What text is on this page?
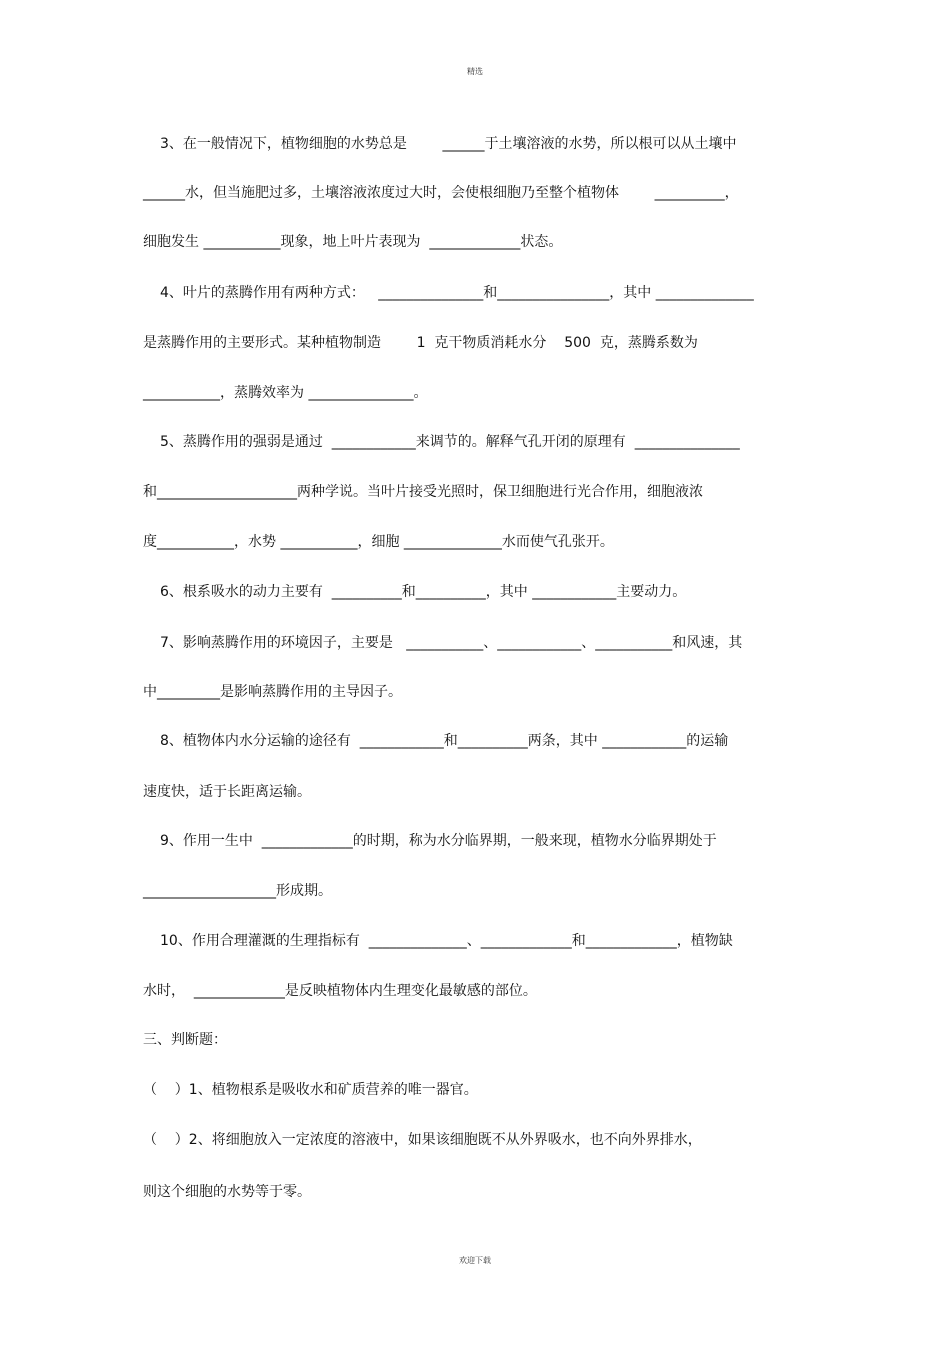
精选
3、在一般情况下，植物细胞的水势总是        ______于土壤溶液的水势，所以根可以从土壤中
______水，但当施肥过多，土壤溶液浓度过大时，会使根细胞乃至整个植物体        __________，
细胞发生 ___________现象，地上叶片表现为  _____________状态。
4、叶片的蒸腾作用有两种方式：   _______________和________________，其中 ______________
是蒸腾作用的主要形式。某种植物制造        1  克干物质消耗水分    500  克，蒸腾系数为
___________，蒸腾效率为 _______________。
5、蒸腾作用的强弱是通过  ____________来调节的。解释气孔开闭的原理有  _______________
和____________________两种学说。当叶片接受光照时，保卫细胞进行光合作用，细胞液浓
度___________，水势 ___________，细胞 ______________水而使气孔张开。
6、根系吸水的动力主要有  __________和__________，其中 ____________主要动力。
7、影响蒸腾作用的环境因子，主要是   ___________、____________、___________和风速，其
中_________是影响蒸腾作用的主导因子。
8、植物体内水分运输的途径有  ____________和__________两条，其中 ____________的运输
速度快，适于长距离运输。
9、作用一生中  _____________的时期，称为水分临界期，一般来现，植物水分临界期处于
___________________形成期。
10、作用合理灌溉的生理指标有  ______________、_____________和_____________，植物缺
水时，  _____________是反映植物体内生理变化最敏感的部位。
三、判断题：
（    ）1、植物根系是吸收水和矿质营养的唯一器官。
（    ）2、将细胞放入一定浓度的溶液中，如果该细胞既不从外界吸水，也不向外界排水，
则这个细胞的水势等于零。
欢迎下载
